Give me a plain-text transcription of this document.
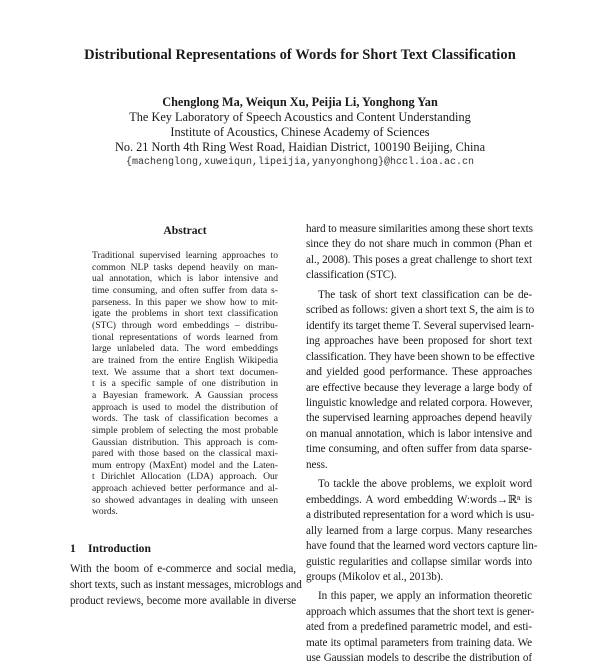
Distributional Representations of Words for Short Text Classification
Chenglong Ma, Weiqun Xu, Peijia Li, Yonghong Yan
The Key Laboratory of Speech Acoustics and Content Understanding
Institute of Acoustics, Chinese Academy of Sciences
No. 21 North 4th Ring West Road, Haidian District, 100190 Beijing, China
{machenglong,xuweiqun,lipeijia,yanyonghong}@hccl.ioa.ac.cn
Abstract
Traditional supervised learning approaches to
common NLP tasks depend heavily on man-
ual annotation, which is labor intensive and
time consuming, and often suffer from data s-
parseness. In this paper we show how to mit-
igate the problems in short text classification
(STC) through word embeddings – distribu-
tional representations of words learned from
large unlabeled data. The word embeddings
are trained from the entire English Wikipedia
text. We assume that a short text documen-
t is a specific sample of one distribution in
a Bayesian framework. A Gaussian process
approach is used to model the distribution of
words. The task of classification becomes a
simple problem of selecting the most probable
Gaussian distribution. This approach is com-
pared with those based on the classical maxi-
mum entropy (MaxEnt) model and the Laten-
t Dirichlet Allocation (LDA) approach. Our
approach achieved better performance and al-
so showed advantages in dealing with unseen
words.
1 Introduction
With the boom of e-commerce and social media,
short texts, such as instant messages, microblogs and
product reviews, become more available in diverse
hard to measure similarities among these short texts
since they do not share much in common (Phan et
al., 2008). This poses a great challenge to short text
classification (STC).
The task of short text classification can be de-
scribed as follows: given a short text S, the aim is to
identify its target theme T. Several supervised learn-
ing approaches have been proposed for short text
classification. They have been shown to be effective
and yielded good performance. These approaches
are effective because they leverage a large body of
linguistic knowledge and related corpora. However,
the supervised learning approaches depend heavily
on manual annotation, which is labor intensive and
time consuming, and often suffer from data sparse-
ness.
To tackle the above problems, we exploit word
embeddings. A word embedding W:words→ℝⁿ is
a distributed representation for a word which is usu-
ally learned from a large corpus. Many researches
have found that the learned word vectors capture lin-
guistic regularities and collapse similar words into
groups (Mikolov et al., 2013b).
In this paper, we apply an information theoretic
approach which assumes that the short text is gener-
ated from a predefined parametric model, and esti-
mate its optimal parameters from training data. We
use Gaussian models to describe the distribution of
